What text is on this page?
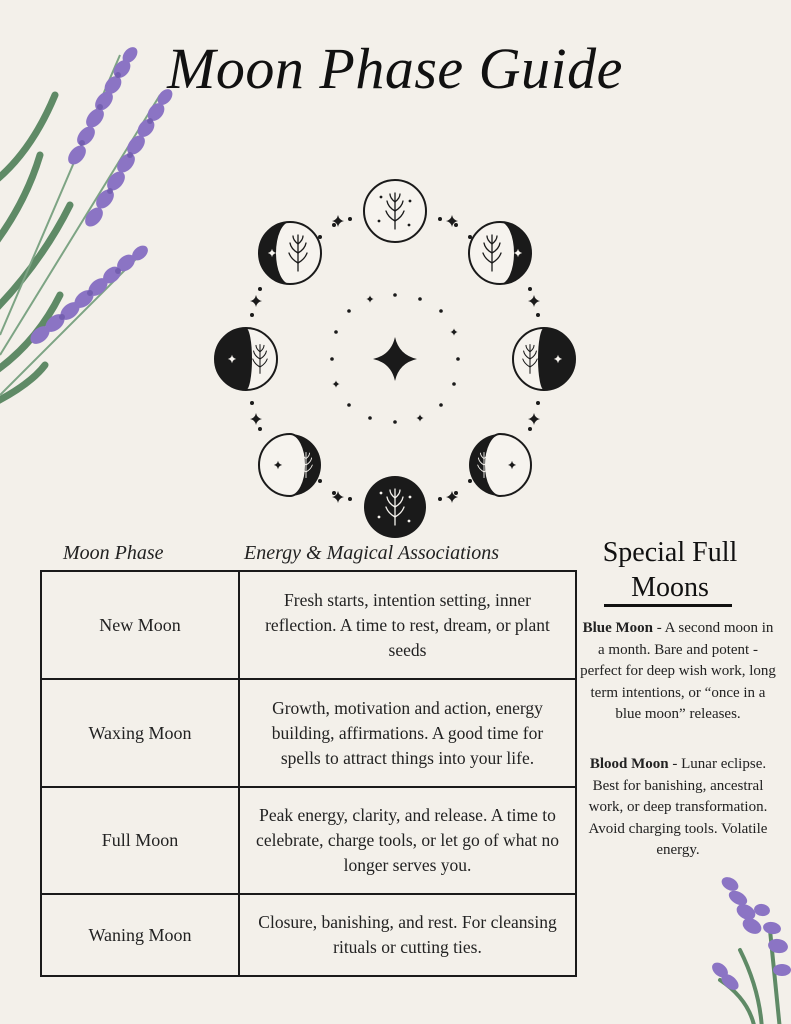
Moon Phase Guide
Moon Phase	Energy & Magical Associations
New Moon	Fresh starts, intention setting, inner reflection. A time to rest, dream, or plant seeds
Waxing Moon	Growth, motivation and action, energy building, affirmations. A good time for spells to attract things into your life.
Full Moon	Peak energy, clarity, and release. A time to celebrate, charge tools, or let go of what no longer serves you.
Waning Moon	Closure, banishing, and rest. For cleansing rituals or cutting ties.
Special Full Moons
Blue Moon - A second moon in a month. Bare and potent - perfect for deep wish work, long term intentions, or “once in a blue moon” releases.
Blood Moon - Lunar eclipse. Best for banishing, ancestral work, or deep transformation. Avoid charging tools. Volatile energy.
